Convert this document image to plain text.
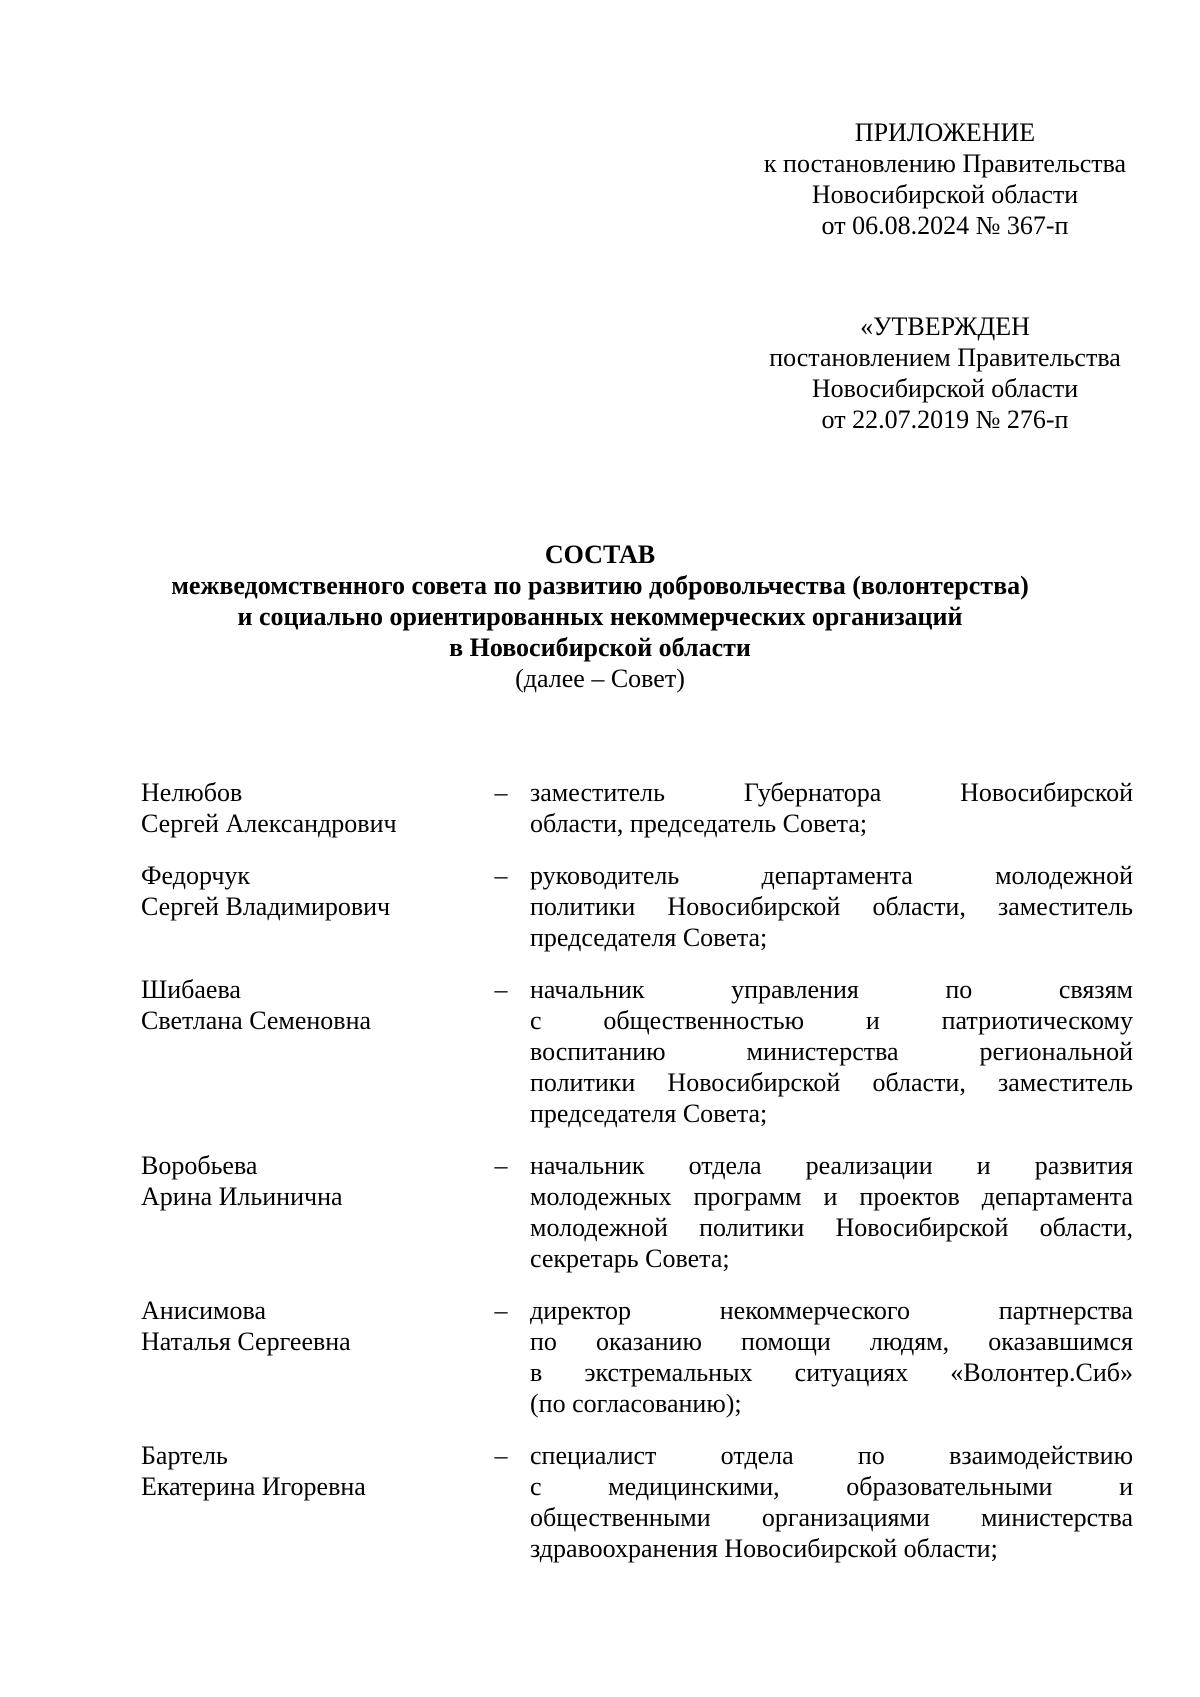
ПРИЛОЖЕНИЕ
к постановлению Правительства
Новосибирской области
от 06.08.2024 № 367-п
«УТВЕРЖДЕН
постановлением Правительства
Новосибирской области
от 22.07.2019 № 276-п
СОСТАВ
межведомственного совета по развитию добровольчества (волонтерства)
и социально ориентированных некоммерческих организаций
в Новосибирской области
(далее – Совет)
Нелюбов
Сергей Александрович
– заместитель Губернатора Новосибирской
области, председатель Совета;
Федорчук
Сергей Владимирович
– руководитель департамента молодежной
политики Новосибирской области, заместитель
председателя Совета;
Шибаева
Светлана Семеновна
– начальник управления по связям
с общественностью и патриотическому
воспитанию министерства региональной
политики Новосибирской области, заместитель
председателя Совета;
Воробьева
Арина Ильинична
– начальник отдела реализации и развития
молодежных программ и проектов департамента
молодежной политики Новосибирской области,
секретарь Совета;
Анисимова
Наталья Сергеевна
– директор некоммерческого партнерства
по оказанию помощи людям, оказавшимся
в экстремальных ситуациях «Волонтер.Сиб»
(по согласованию);
Бартель
Екатерина Игоревна
– специалист отдела по взаимодействию
с медицинскими, образовательными и
общественными организациями министерства
здравоохранения Новосибирской области;
